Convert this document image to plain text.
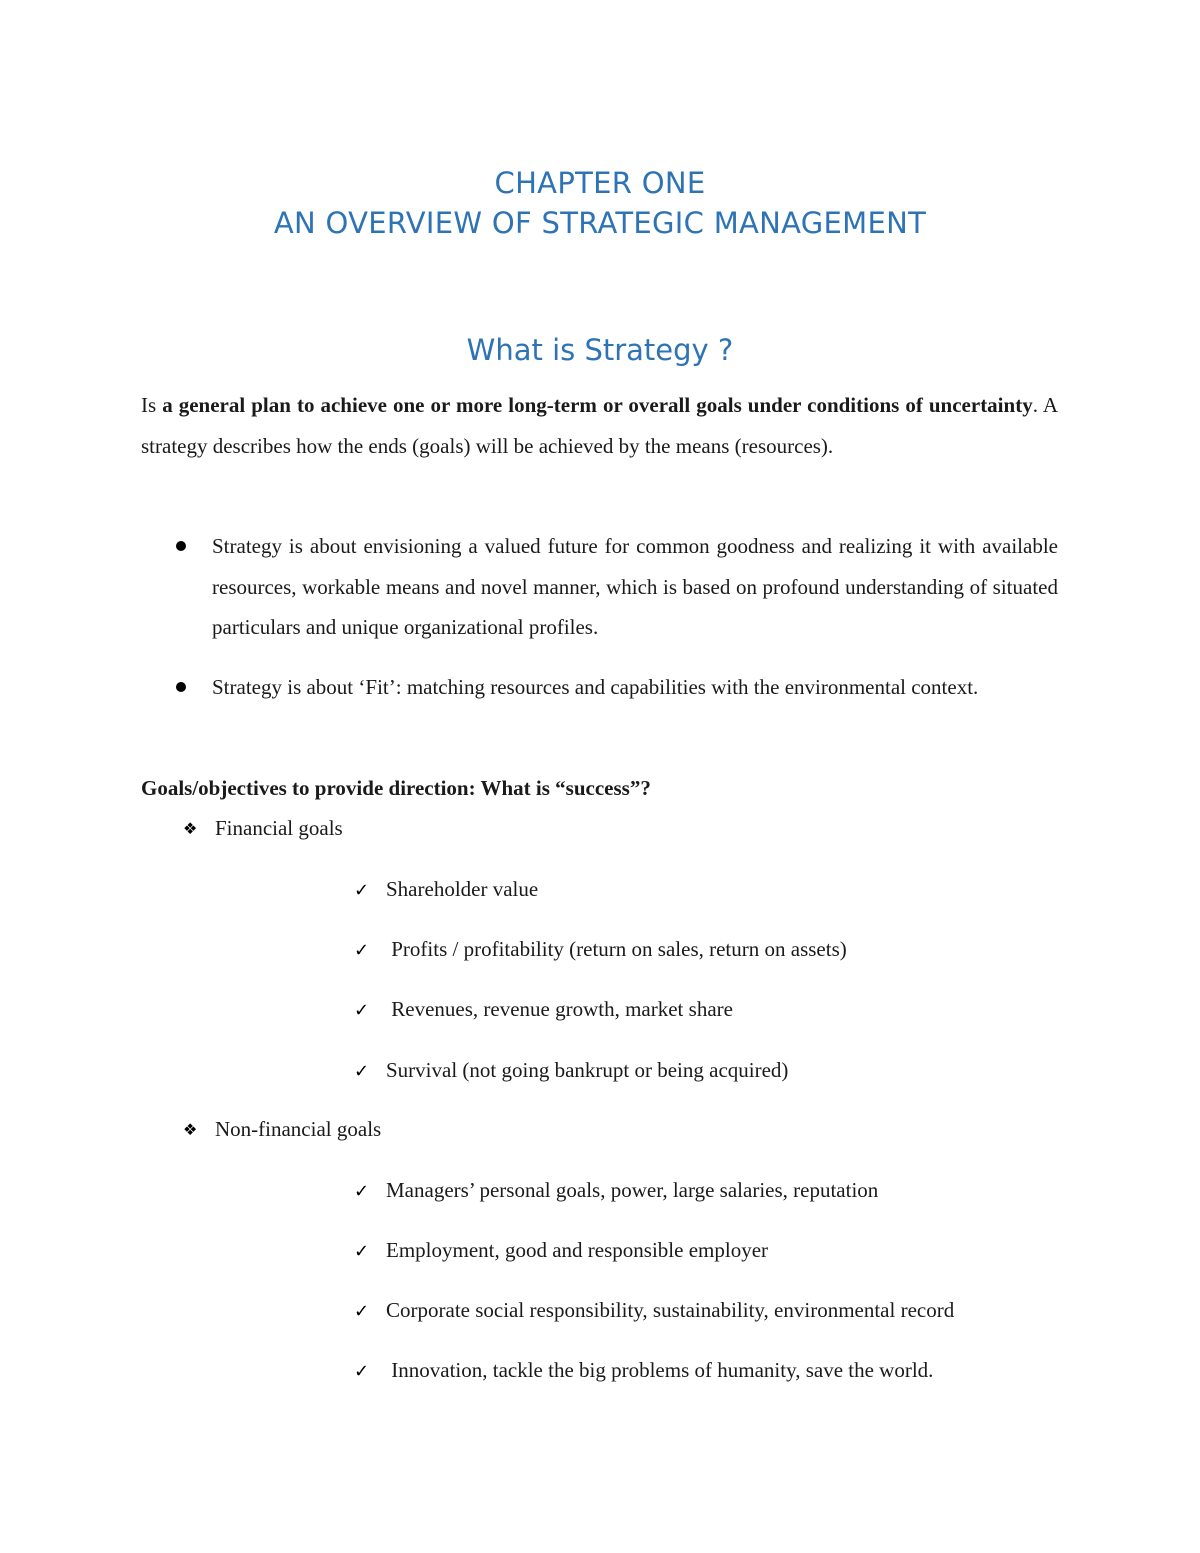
CHAPTER ONE
AN OVERVIEW OF STRATEGIC MANAGEMENT
What is Strategy ?
Is a general plan to achieve one or more long-term or overall goals under conditions of uncertainty. A strategy describes how the ends (goals) will be achieved by the means (resources).
Strategy is about envisioning a valued future for common goodness and realizing it with available resources, workable means and novel manner, which is based on profound understanding of situated particulars and unique organizational profiles.
Strategy is about ‘Fit’: matching resources and capabilities with the environmental context.
Goals/objectives to provide direction: What is “success”?
❖ Financial goals
✓ Shareholder value
✓ Profits / profitability (return on sales, return on assets)
✓ Revenues, revenue growth, market share
✓ Survival (not going bankrupt or being acquired)
❖ Non-financial goals
✓ Managers’ personal goals, power, large salaries, reputation
✓ Employment, good and responsible employer
✓ Corporate social responsibility, sustainability, environmental record
✓ Innovation, tackle the big problems of humanity, save the world.
